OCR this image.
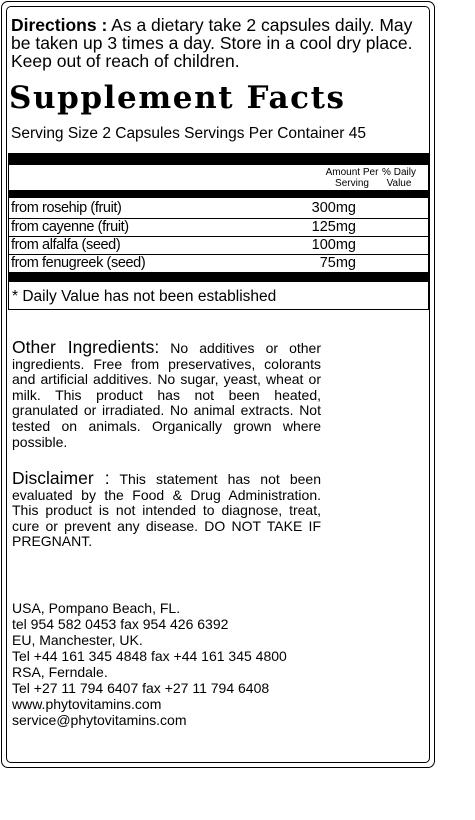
Directions : As a dietary take 2 capsules daily. May be taken up 3 times a day. Store in a cool dry place. Keep out of reach of children.
Supplement Facts
Serving Size 2 Capsules Servings Per Container 45
Amount Per Serving
% Daily Value
from rosehip (fruit)	300mg
from cayenne (fruit)	125mg
from alfalfa (seed)	100mg
from fenugreek (seed)	75mg
* Daily Value has not been established
Other Ingredients: No additives or other ingredients. Free from preservatives, colorants and artificial additives. No sugar, yeast, wheat or milk. This product has not been heated, granulated or irradiated. No animal extracts. Not tested on animals. Organically grown where possible.
Disclaimer : This statement has not been evaluated by the Food & Drug Administration. This product is not intended to diagnose, treat, cure or prevent any disease. DO NOT TAKE IF PREGNANT.
USA, Pompano Beach, FL.
tel 954 582 0453 fax 954 426 6392
EU, Manchester, UK.
Tel +44 161 345 4848 fax +44 161 345 4800
RSA, Ferndale.
Tel +27 11 794 6407 fax +27 11 794 6408
www.phytovitamins.com
service@phytovitamins.com
